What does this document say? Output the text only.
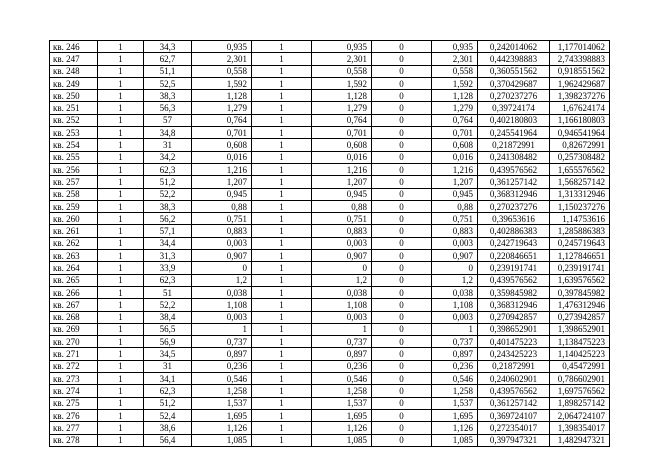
кв. 246	1	34,3	0,935	1	0,935	0	0,935	0,242014062	1,177014062
кв. 247	1	62,7	2,301	1	2,301	0	2,301	0,442398883	2,743398883
кв. 248	1	51,1	0,558	1	0,558	0	0,558	0,360551562	0,918551562
кв. 249	1	52,5	1,592	1	1,592	0	1,592	0,370429687	1,962429687
кв. 250	1	38,3	1,128	1	1,128	0	1,128	0,270237276	1,398237276
кв. 251	1	56,3	1,279	1	1,279	0	1,279	0,39724174	1,67624174
кв. 252	1	57	0,764	1	0,764	0	0,764	0,402180803	1,166180803
кв. 253	1	34,8	0,701	1	0,701	0	0,701	0,245541964	0,946541964
кв. 254	1	31	0,608	1	0,608	0	0,608	0,21872991	0,82672991
кв. 255	1	34,2	0,016	1	0,016	0	0,016	0,241308482	0,257308482
кв. 256	1	62,3	1,216	1	1,216	0	1,216	0,439576562	1,655576562
кв. 257	1	51,2	1,207	1	1,207	0	1,207	0,361257142	1,568257142
кв. 258	1	52,2	0,945	1	0,945	0	0,945	0,368312946	1,313312946
кв. 259	1	38,3	0,88	1	0,88	0	0,88	0,270237276	1,150237276
кв. 260	1	56,2	0,751	1	0,751	0	0,751	0,39653616	1,14753616
кв. 261	1	57,1	0,883	1	0,883	0	0,883	0,402886383	1,285886383
кв. 262	1	34,4	0,003	1	0,003	0	0,003	0,242719643	0,245719643
кв. 263	1	31,3	0,907	1	0,907	0	0,907	0,220846651	1,127846651
кв. 264	1	33,9	0	1	0	0	0	0,239191741	0,239191741
кв. 265	1	62,3	1,2	1	1,2	0	1,2	0,439576562	1,639576562
кв. 266	1	51	0,038	1	0,038	0	0,038	0,359845982	0,397845982
кв. 267	1	52,2	1,108	1	1,108	0	1,108	0,368312946	1,476312946
кв. 268	1	38,4	0,003	1	0,003	0	0,003	0,270942857	0,273942857
кв. 269	1	56,5	1	1	1	0	1	0,398652901	1,398652901
кв. 270	1	56,9	0,737	1	0,737	0	0,737	0,401475223	1,138475223
кв. 271	1	34,5	0,897	1	0,897	0	0,897	0,243425223	1,140425223
кв. 272	1	31	0,236	1	0,236	0	0,236	0,21872991	0,45472991
кв. 273	1	34,1	0,546	1	0,546	0	0,546	0,240602901	0,786602901
кв. 274	1	62,3	1,258	1	1,258	0	1,258	0,439576562	1,697576562
кв. 275	1	51,2	1,537	1	1,537	0	1,537	0,361257142	1,898257142
кв. 276	1	52,4	1,695	1	1,695	0	1,695	0,369724107	2,064724107
кв. 277	1	38,6	1,126	1	1,126	0	1,126	0,272354017	1,398354017
кв. 278	1	56,4	1,085	1	1,085	0	1,085	0,397947321	1,482947321
